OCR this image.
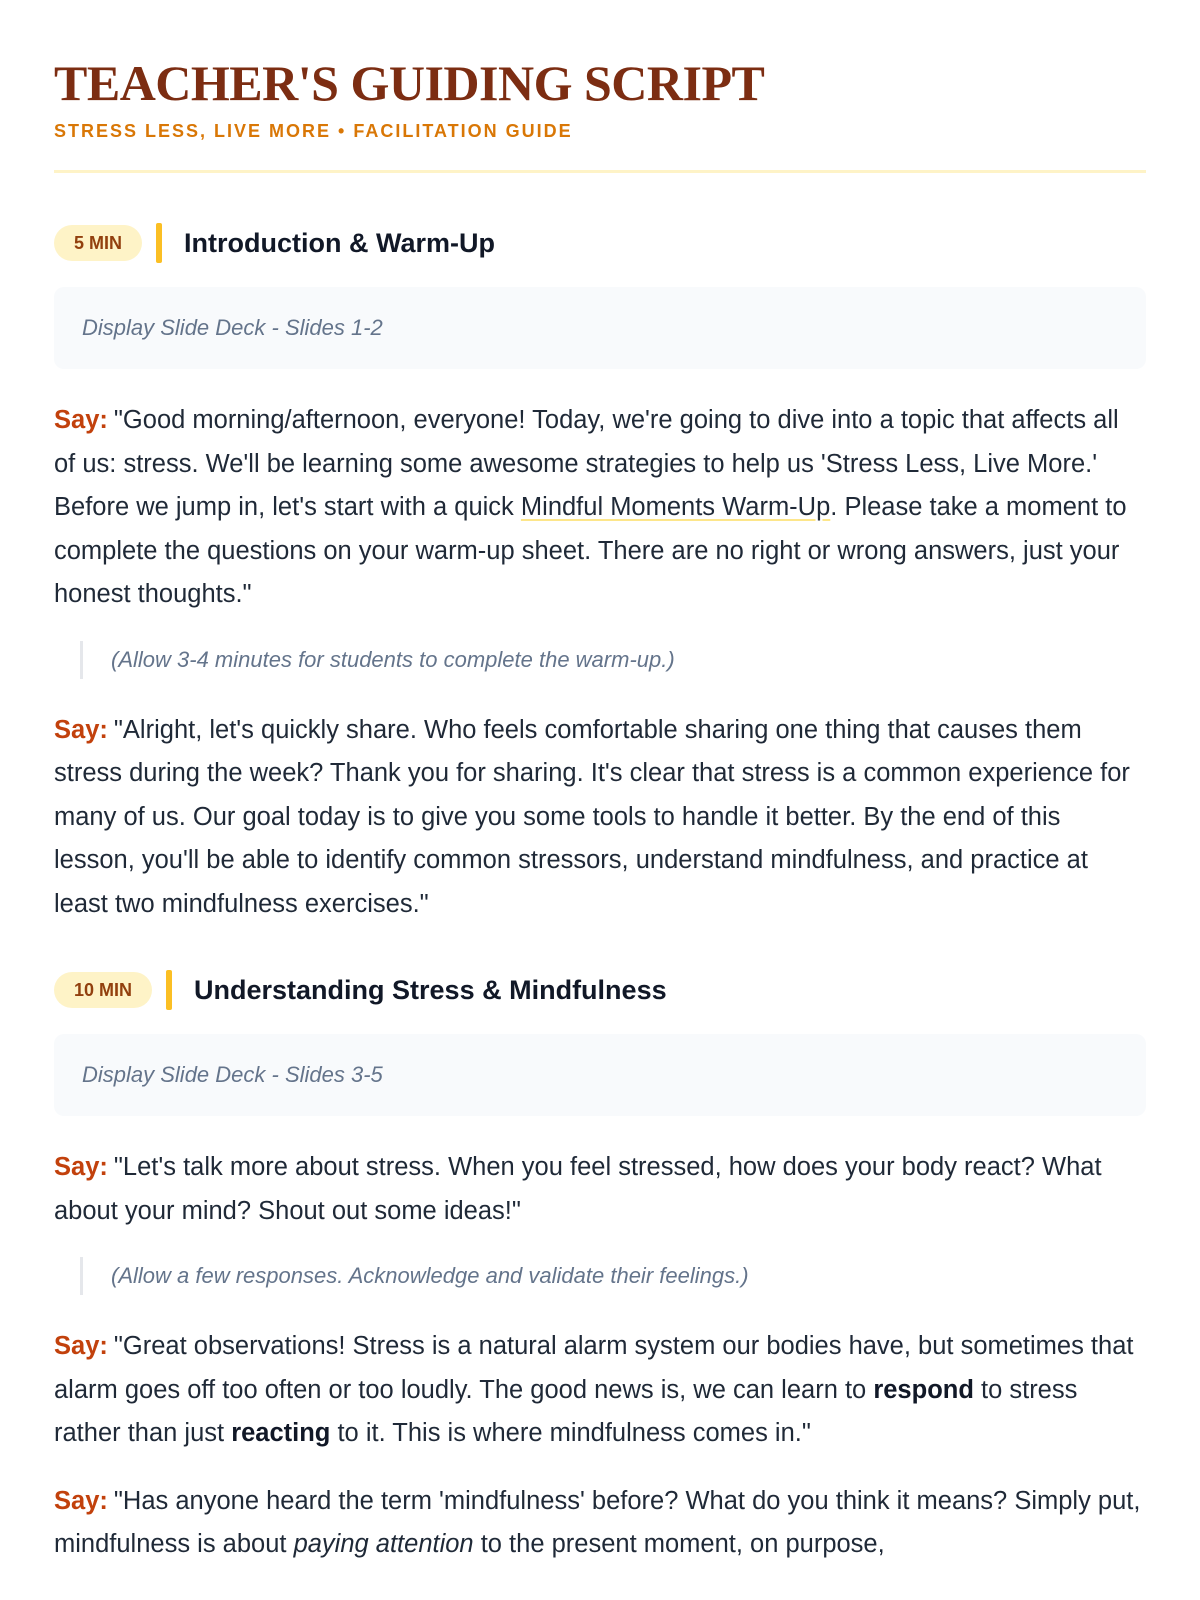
TEACHER'S GUIDING SCRIPT
STRESS LESS, LIVE MORE • FACILITATION GUIDE
5 MIN	Introduction & Warm-Up
Display Slide Deck - Slides 1-2

Say: "Good morning/afternoon, everyone! Today, we're going to dive into a topic that affects all of us: stress. We'll be learning some awesome strategies to help us 'Stress Less, Live More.' Before we jump in, let's start with a quick Mindful Moments Warm-Up. Please take a moment to complete the questions on your warm-up sheet. There are no right or wrong answers, just your honest thoughts."

(Allow 3-4 minutes for students to complete the warm-up.)

Say: "Alright, let's quickly share. Who feels comfortable sharing one thing that causes them stress during the week? Thank you for sharing. It's clear that stress is a common experience for many of us. Our goal today is to give you some tools to handle it better. By the end of this lesson, you'll be able to identify common stressors, understand mindfulness, and practice at least two mindfulness exercises."

10 MIN	Understanding Stress & Mindfulness
Display Slide Deck - Slides 3-5

Say: "Let's talk more about stress. When you feel stressed, how does your body react? What about your mind? Shout out some ideas!"

(Allow a few responses. Acknowledge and validate their feelings.)

Say: "Great observations! Stress is a natural alarm system our bodies have, but sometimes that alarm goes off too often or too loudly. The good news is, we can learn to respond to stress rather than just reacting to it. This is where mindfulness comes in."

Say: "Has anyone heard the term 'mindfulness' before? What do you think it means? Simply put, mindfulness is about paying attention to the present moment, on purpose,
